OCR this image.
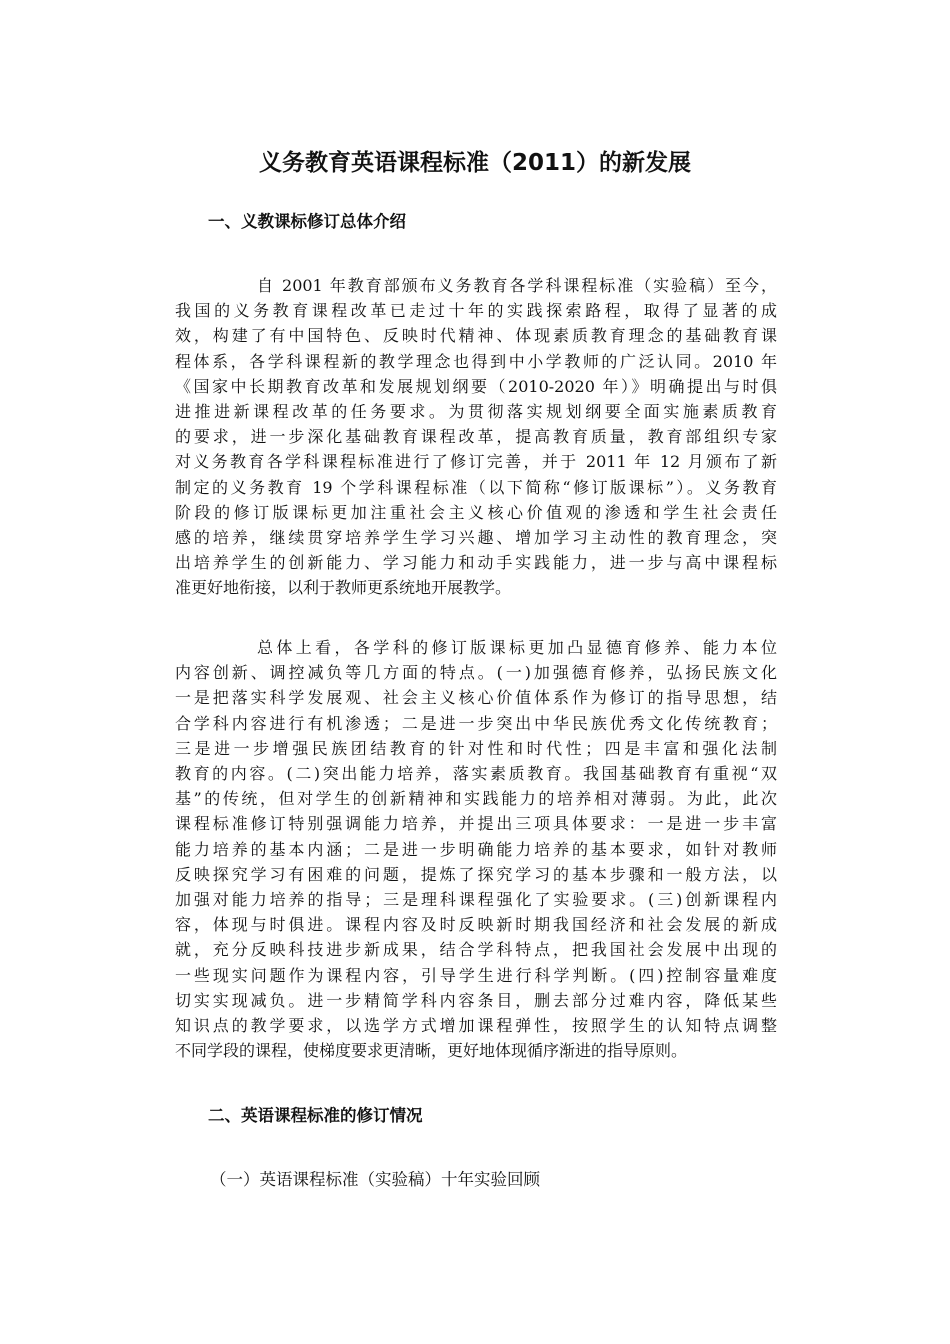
义务教育英语课程标准（2011）的新发展
一、义教课标修订总体介绍

自 2001 年教育部颁布义务教育各学科课程标准（实验稿）至今，
我国的义务教育课程改革已走过十年的实践探索路程，取得了显著的成
效，构建了有中国特色、反映时代精神、体现素质教育理念的基础教育课
程体系，各学科课程新的教学理念也得到中小学教师的广泛认同。2010 年
《国家中长期教育改革和发展规划纲要（2010-2020 年）》明确提出与时俱
进推进新课程改革的任务要求。为贯彻落实规划纲要全面实施素质教育
的要求，进一步深化基础教育课程改革，提高教育质量，教育部组织专家
对义务教育各学科课程标准进行了修订完善，并于 2011 年 12 月颁布了新
制定的义务教育 19 个学科课程标准（以下简称“修订版课标”）。义务教育
阶段的修订版课标更加注重社会主义核心价值观的渗透和学生社会责任
感的培养，继续贯穿培养学生学习兴趣、增加学习主动性的教育理念，突
出培养学生的创新能力、学习能力和动手实践能力，进一步与高中课程标
准更好地衔接，以利于教师更系统地开展教学。

总体上看，各学科的修订版课标更加凸显德育修养、能力本位
内容创新、调控减负等几方面的特点。(一)加强德育修养，弘扬民族文化
一是把落实科学发展观、社会主义核心价值体系作为修订的指导思想，结
合学科内容进行有机渗透；二是进一步突出中华民族优秀文化传统教育；
三是进一步增强民族团结教育的针对性和时代性；四是丰富和强化法制
教育的内容。(二)突出能力培养，落实素质教育。我国基础教育有重视“双
基”的传统，但对学生的创新精神和实践能力的培养相对薄弱。为此，此次
课程标准修订特别强调能力培养，并提出三项具体要求：一是进一步丰富
能力培养的基本内涵；二是进一步明确能力培养的基本要求，如针对教师
反映探究学习有困难的问题，提炼了探究学习的基本步骤和一般方法，以
加强对能力培养的指导；三是理科课程强化了实验要求。(三)创新课程内
容，体现与时俱进。课程内容及时反映新时期我国经济和社会发展的新成
就，充分反映科技进步新成果，结合学科特点，把我国社会发展中出现的
一些现实问题作为课程内容，引导学生进行科学判断。(四)控制容量难度
切实实现减负。进一步精简学科内容条目，删去部分过难内容，降低某些
知识点的教学要求，以选学方式增加课程弹性，按照学生的认知特点调整
不同学段的课程，使梯度要求更清晰，更好地体现循序渐进的指导原则。

二、英语课程标准的修订情况

（一）英语课程标准（实验稿）十年实验回顾
